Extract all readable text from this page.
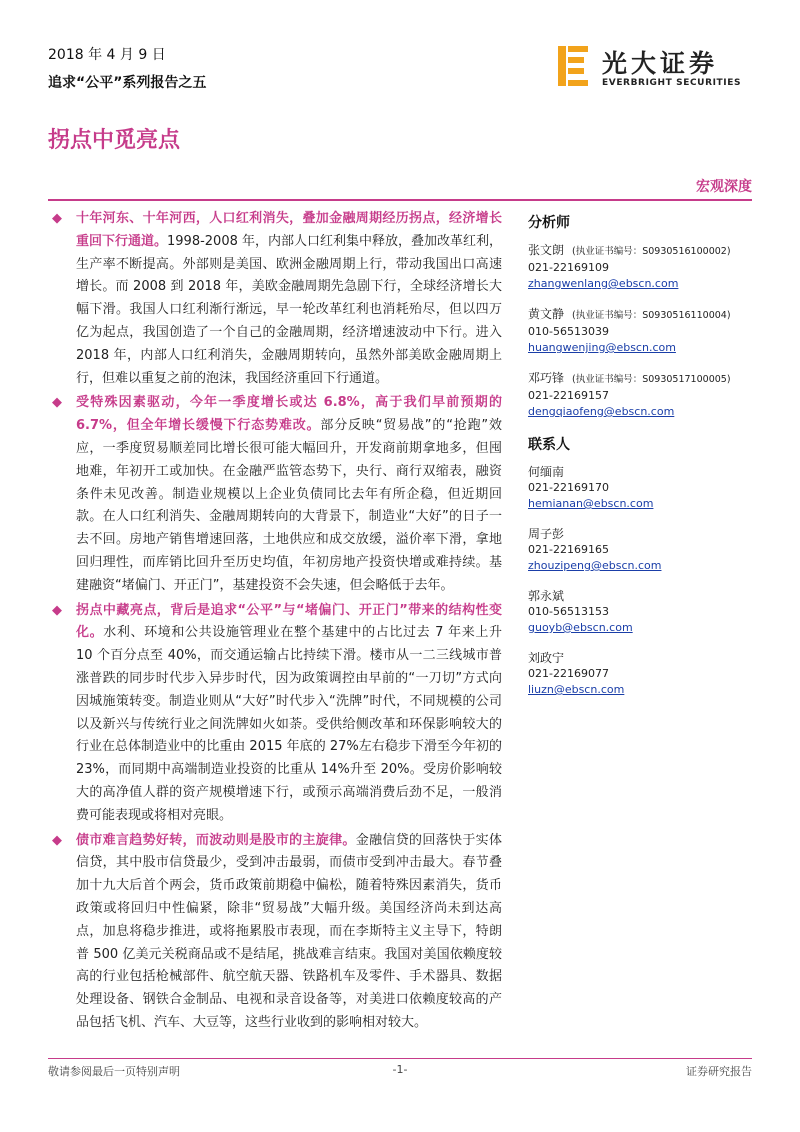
2018 年 4 月 9 日
追求“公平”系列报告之五
光大证券
EVERBRIGHT SECURITIES
拐点中觅亮点
宏观深度

◆ 十年河东、十年河西，人口红利消失，叠加金融周期经历拐点，经济增长重回下行通道。1998-2008 年，内部人口红利集中释放，叠加改革红利，生产率不断提高。外部则是美国、欧洲金融周期上行，带动我国出口高速增长。而 2008 到 2018 年，美欧金融周期先急剧下行，全球经济增长大幅下滑。我国人口红利渐行渐远，早一轮改革红利也消耗殆尽，但以四万亿为起点，我国创造了一个自己的金融周期，经济增速波动中下行。进入 2018 年，内部人口红利消失，金融周期转向，虽然外部美欧金融周期上行，但难以重复之前的泡沫，我国经济重回下行通道。

◆ 受特殊因素驱动，今年一季度增长或达 6.8%，高于我们早前预期的 6.7%，但全年增长缓慢下行态势难改。部分反映“贸易战”的“抢跑”效应，一季度贸易顺差同比增长很可能大幅回升，开发商前期拿地多，但囤地难，年初开工或加快。在金融严监管态势下，央行、商行双缩表，融资条件未见改善。制造业规模以上企业负债同比去年有所企稳，但近期回款。在人口红利消失、金融周期转向的大背景下，制造业“大好”的日子一去不回。房地产销售增速回落，土地供应和成交放缓，溢价率下滑，拿地回归理性，而库销比回升至历史均值，年初房地产投资快增或难持续。基建融资“堵偏门、开正门”，基建投资不会失速，但会略低于去年。

◆ 拐点中藏亮点，背后是追求“公平”与“堵偏门、开正门”带来的结构性变化。水利、环境和公共设施管理业在整个基建中的占比过去 7 年来上升 10 个百分点至 40%，而交通运输占比持续下滑。楼市从一二三线城市普涨普跌的同步时代步入异步时代，因为政策调控由早前的“一刀切”方式向因城施策转变。制造业则从“大好”时代步入“洗牌”时代，不同规模的公司以及新兴与传统行业之间洗牌如火如荼。受供给侧改革和环保影响较大的行业在总体制造业中的比重由 2015 年底的 27%左右稳步下滑至今年初的 23%，而同期中高端制造业投资的比重从 14%升至 20%。受房价影响较大的高净值人群的资产规模增速下行，或预示高端消费后劲不足，一般消费可能表现或将相对亮眼。

◆ 债市难言趋势好转，而波动则是股市的主旋律。金融信贷的回落快于实体信贷，其中股市信贷最少，受到冲击最弱，而债市受到冲击最大。春节叠加十九大后首个两会，货币政策前期稳中偏松，随着特殊因素消失，货币政策或将回归中性偏紧，除非“贸易战”大幅升级。美国经济尚未到达高点，加息将稳步推进，或将拖累股市表现，而在李斯特主义主导下，特朗普 500 亿美元关税商品或不是结尾，挑战难言结束。我国对美国依赖度较高的行业包括枪械部件、航空航天器、铁路机车及零件、手术器具、数据处理设备、钢铁合金制品、电视和录音设备等，对美进口依赖度较高的产品包括飞机、汽车、大豆等，这些行业收到的影响相对较大。

分析师
张文朗 (执业证书编号：S0930516100002)
021-22169109
zhangwenlang@ebscn.com
黄文静 (执业证书编号：S0930516110004)
010-56513039
huangwenjing@ebscn.com
邓巧锋 (执业证书编号：S0930517100005)
021-22169157
dengqiaofeng@ebscn.com
联系人
何缅南
021-22169170
hemianan@ebscn.com
周子彭
021-22169165
zhouzipeng@ebscn.com
郭永斌
010-56513153
guoyb@ebscn.com
刘政宁
021-22169077
liuzn@ebscn.com
敬请参阅最后一页特别声明	-1-	证券研究报告
